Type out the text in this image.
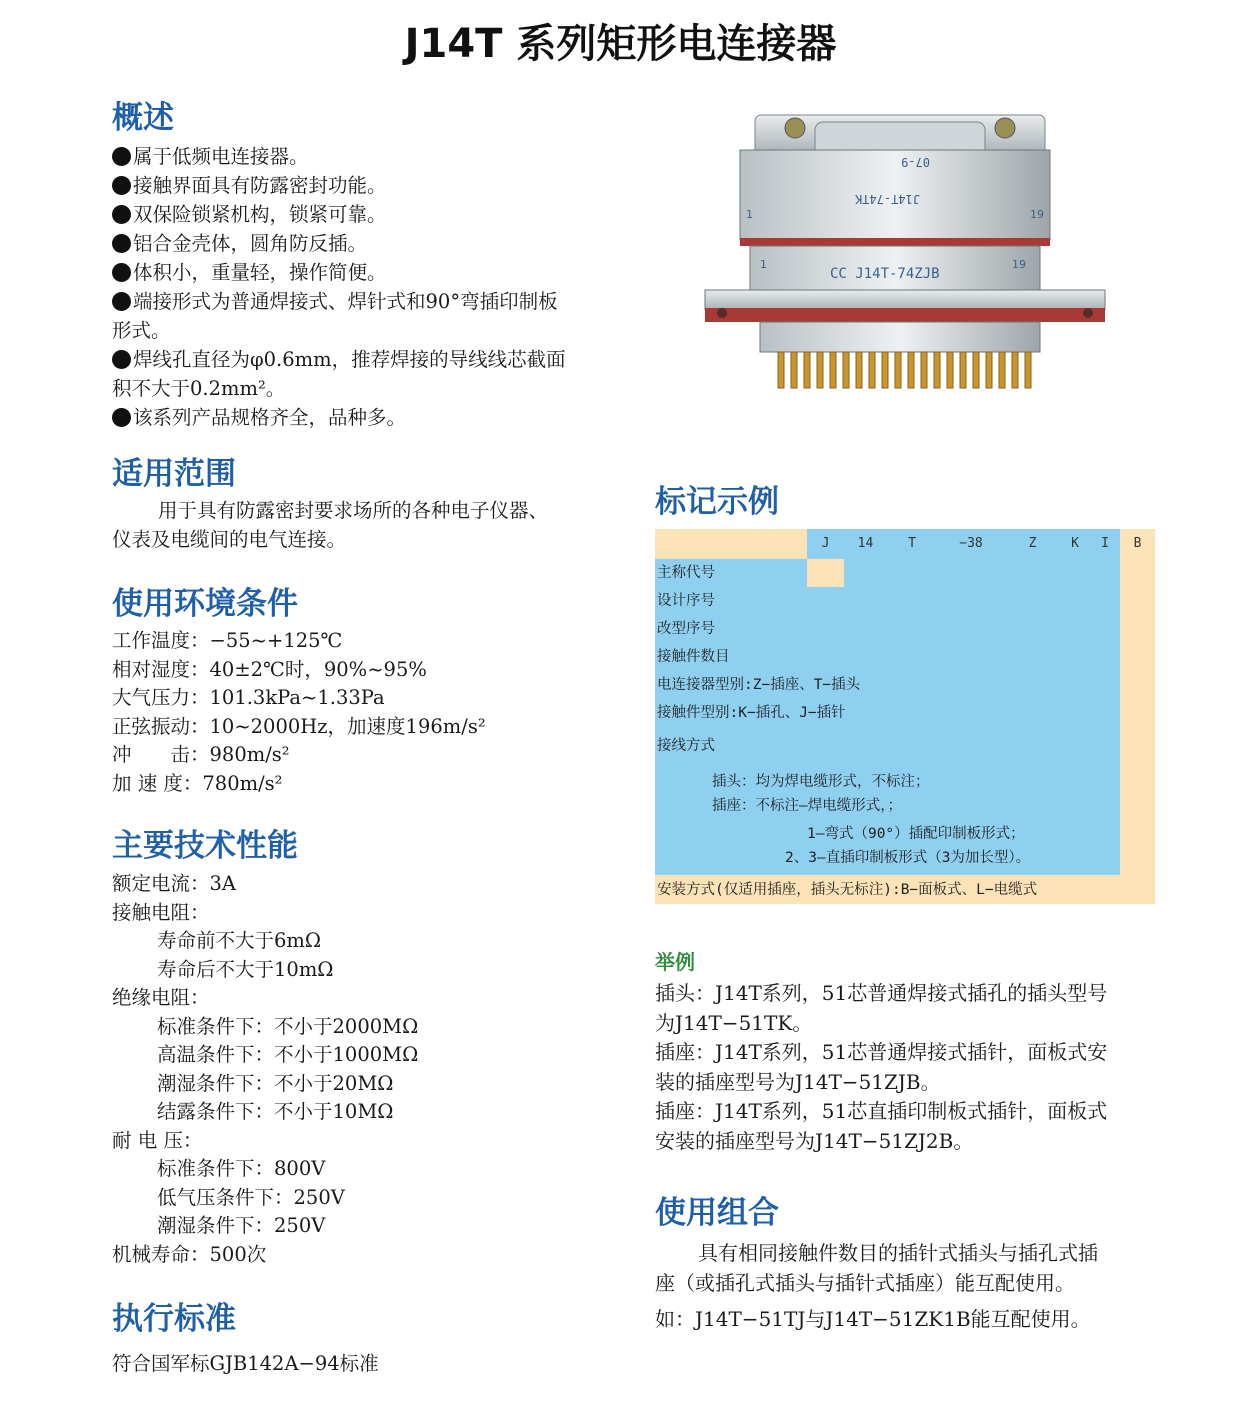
J14T 系列矩形电连接器
概述
属于低频电连接器。
接触界面具有防露密封功能。
双保险锁紧机构，锁紧可靠。
铝合金壳体，圆角防反插。
体积小，重量轻，操作简便。
端接形式为普通焊接式、焊针式和90°弯插印制板
形式。
焊线孔直径为φ0.6mm，推荐焊接的导线线芯截面
积不大于0.2mm²。
该系列产品规格齐全，品种多。
适用范围
用于具有防露密封要求场所的各种电子仪器、
仪表及电缆间的电气连接。
使用环境条件
工作温度：−55~+125℃
相对湿度：40±2℃时，90%~95%
大气压力：101.3kPa~1.33Pa
正弦振动：10~2000Hz，加速度196m/s²
冲　　击：980m/s²
加 速 度：780m/s²
主要技术性能
额定电流：3A
接触电阻：
寿命前不大于6mΩ
寿命后不大于10mΩ
绝缘电阻：
标准条件下：不小于2000MΩ
高温条件下：不小于1000MΩ
潮湿条件下：不小于20MΩ
结露条件下：不小于10MΩ
耐 电 压：
标准条件下：800V
低气压条件下：250V
潮湿条件下：250V
机械寿命：500次
执行标准
符合国军标GJB142A−94标准
J14T-74TK
07-9
1	19
CC J14T-74ZJB
1	19
标记示例
J	14	T	−38	Z	K	I	B
主称代号
设计序号
改型序号
接触件数目
电连接器型别:Z−插座、T−插头
接触件型别:K−插孔、J−插针
接线方式
插头：均为焊电缆形式，不标注；
插座：不标注—焊电缆形式，；
1—弯式（90°）插配印制板形式；
2、3—直插印制板形式（3为加长型）。
安装方式(仅适用插座，插头无标注):B−面板式、L−电缆式
举例
插头：J14T系列，51芯普通焊接式插孔的插头型号
为J14T−51TK。
插座：J14T系列，51芯普通焊接式插针，面板式安
装的插座型号为J14T−51ZJB。
插座：J14T系列，51芯直插印制板式插针，面板式
安装的插座型号为J14T−51ZJ2B。
使用组合
具有相同接触件数目的插针式插头与插孔式插
座（或插孔式插头与插针式插座）能互配使用。
如：J14T−51TJ与J14T−51ZK1B能互配使用。
